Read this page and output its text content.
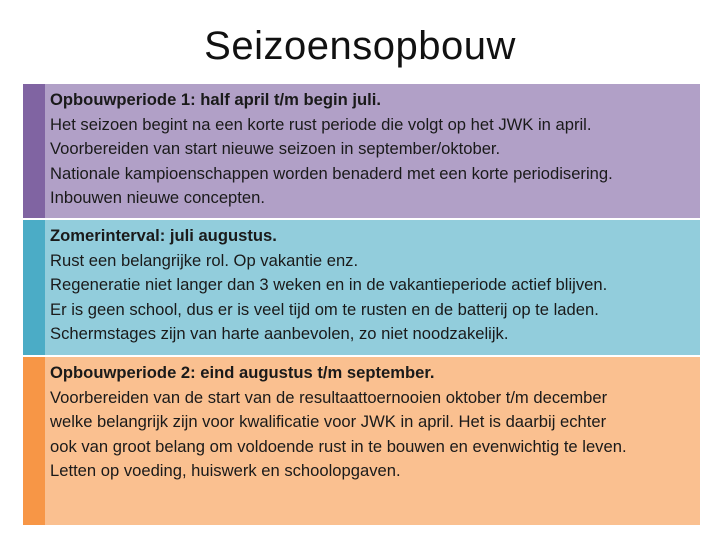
Seizoensopbouw
Opbouwperiode 1: half april t/m begin juli.
Het seizoen begint na een korte rust periode die volgt op het JWK in april.
Voorbereiden van start nieuwe seizoen in september/oktober.
Nationale kampioenschappen worden benaderd met een korte periodisering.
Inbouwen nieuwe concepten.
Zomerinterval: juli augustus.
Rust een belangrijke rol. Op vakantie enz.
Regeneratie niet langer dan 3 weken en in de vakantieperiode actief blijven.
Er is geen school, dus er is veel tijd om te rusten en de batterij op te laden.
Schermstages zijn van harte aanbevolen, zo niet noodzakelijk.
Opbouwperiode 2: eind augustus t/m september.
Voorbereiden van de start van de resultaattoernooien oktober t/m december
welke belangrijk zijn voor kwalificatie voor JWK in april. Het is daarbij echter
ook van groot belang om voldoende rust in te bouwen en evenwichtig te leven.
Letten op voeding, huiswerk en schoolopgaven.
